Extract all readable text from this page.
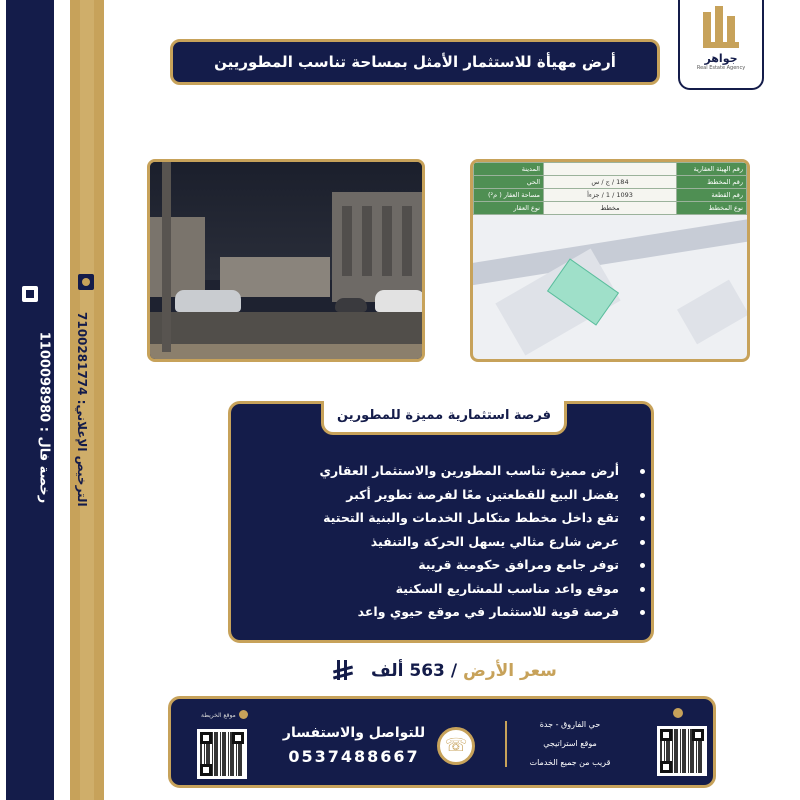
رخصة فال : 1100098980
الترخيص الإعلاني: 7100281774
جواهر
Real Estate Agency
أرض مهيأة للاستثمار الأمثل بمساحة تناسب المطوريين
رقم الهيئة العقارية		المدينة
رقم المخطط	184 / ج / س	الحي
رقم القطعة	1093 / 1 / جزءأ	مساحة العقار ( م²)
نوع المخطط	مخطط	نوع العقار
فرصة استثمارية مميزة للمطورين
أرض مميزة تناسب المطورين والاستثمار العقاري
يفضل البيع للقطعتين معًا لفرصة تطوير أكبر
تقع داخل مخطط متكامل الخدمات والبنية التحتية
عرض شارع مثالي يسهل الحركة والتنفيذ
توفر جامع ومرافق حكومية قريبة
موقع واعد مناسب للمشاريع السكنية
فرصة قوية للاستثمار في موقع حيوي واعد
سعر الأرض / 563 ألف
موقع الخريطة
للتواصل والاستفسار
0537488667
☏
حي الفاروق - جدة
موقع استراتيجي
قريب من جميع الخدمات
